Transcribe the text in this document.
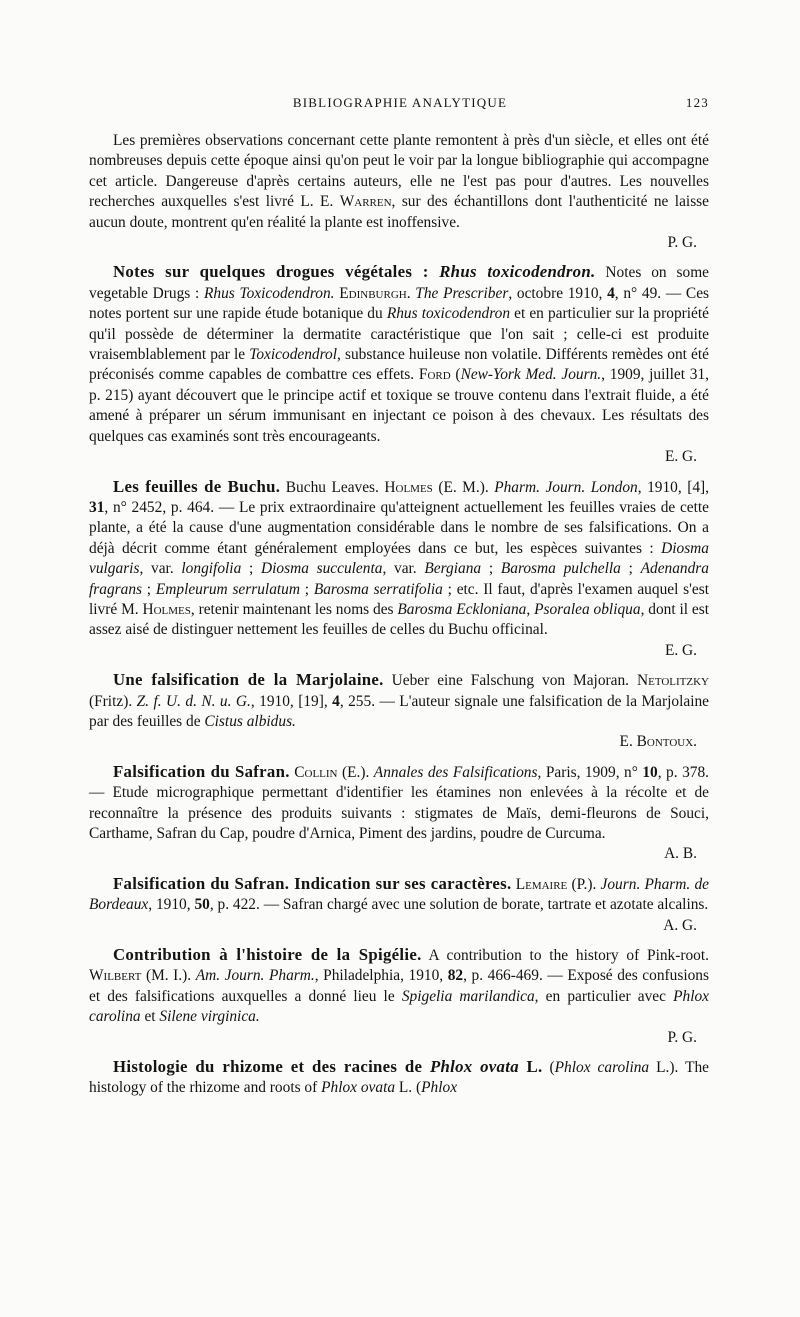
BIBLIOGRAPHIE ANALYTIQUE	123

Les premières observations concernant cette plante remontent à près d'un siècle, et elles ont été nombreuses depuis cette époque ainsi qu'on peut le voir par la longue bibliographie qui accompagne cet article. Dangereuse d'après certains auteurs, elle ne l'est pas pour d'autres. Les nouvelles recherches auxquelles s'est livré L. E. Warren, sur des échantillons dont l'authenticité ne laisse aucun doute, montrent qu'en réalité la plante est inoffensive.

P. G.

Notes sur quelques drogues végétales : Rhus toxicodendron. Notes on some vegetable Drugs : Rhus Toxicodendron. Edinburgh. The Prescriber, octobre 1910, 4, n° 49. — Ces notes portent sur une rapide étude botanique du Rhus toxicodendron et en particulier sur la propriété qu'il possède de déterminer la dermatite caractéristique que l'on sait ; celle-ci est produite vraisemblablement par le Toxicodendrol, substance huileuse non volatile. Différents remèdes ont été préconisés comme capables de combattre ces effets. Ford (New-York Med. Journ., 1909, juillet 31, p. 215) ayant découvert que le principe actif et toxique se trouve contenu dans l'extrait fluide, a été amené à préparer un sérum immunisant en injectant ce poison à des chevaux. Les résultats des quelques cas examinés sont très encourageants.

E. G.

Les feuilles de Buchu. Buchu Leaves. Holmes (E. M.). Pharm. Journ. London, 1910, [4], 31, n° 2452, p. 464. — Le prix extraordinaire qu'atteignent actuellement les feuilles vraies de cette plante, a été la cause d'une augmentation considérable dans le nombre de ses falsifications. On a déjà décrit comme étant généralement employées dans ce but, les espèces suivantes : Diosma vulgaris, var. longifolia ; Diosma succulenta, var. Bergiana ; Barosma pulchella ; Adenandra fragrans ; Empleurum serrulatum ; Barosma serratifolia ; etc. Il faut, d'après l'examen auquel s'est livré M. Holmes, retenir maintenant les noms des Barosma Eckloniana, Psoralea obliqua, dont il est assez aisé de distinguer nettement les feuilles de celles du Buchu officinal.

E. G.

Une falsification de la Marjolaine. Ueber eine Falschung von Majoran. Netolitzky (Fritz). Z. f. U. d. N. u. G., 1910, [19], 4, 255. — L'auteur signale une falsification de la Marjolaine par des feuilles de Cistus albidus.

E. Bontoux.

Falsification du Safran. Collin (E.). Annales des Falsifications, Paris, 1909, n° 10, p. 378. — Etude micrographique permettant d'identifier les étamines non enlevées à la récolte et de reconnaître la présence des produits suivants : stigmates de Maïs, demi-fleurons de Souci, Carthame, Safran du Cap, poudre d'Arnica, Piment des jardins, poudre de Curcuma.

A. B.

Falsification du Safran. Indication sur ses caractères. Lemaire (P.). Journ. Pharm. de Bordeaux, 1910, 50, p. 422. — Safran chargé avec une solution de borate, tartrate et azotate alcalins.

A. G.

Contribution à l'histoire de la Spigélie. A contribution to the history of Pink-root. Wilbert (M. I.). Am. Journ. Pharm., Philadelphia, 1910, 82, p. 466-469. — Exposé des confusions et des falsifications auxquelles a donné lieu le Spigelia marilandica, en particulier avec Phlox carolina et Silene virginica.

P. G.

Histologie du rhizome et des racines de Phlox ovata L. (Phlox carolina L.). The histology of the rhizome and roots of Phlox ovata L. (Phlox
